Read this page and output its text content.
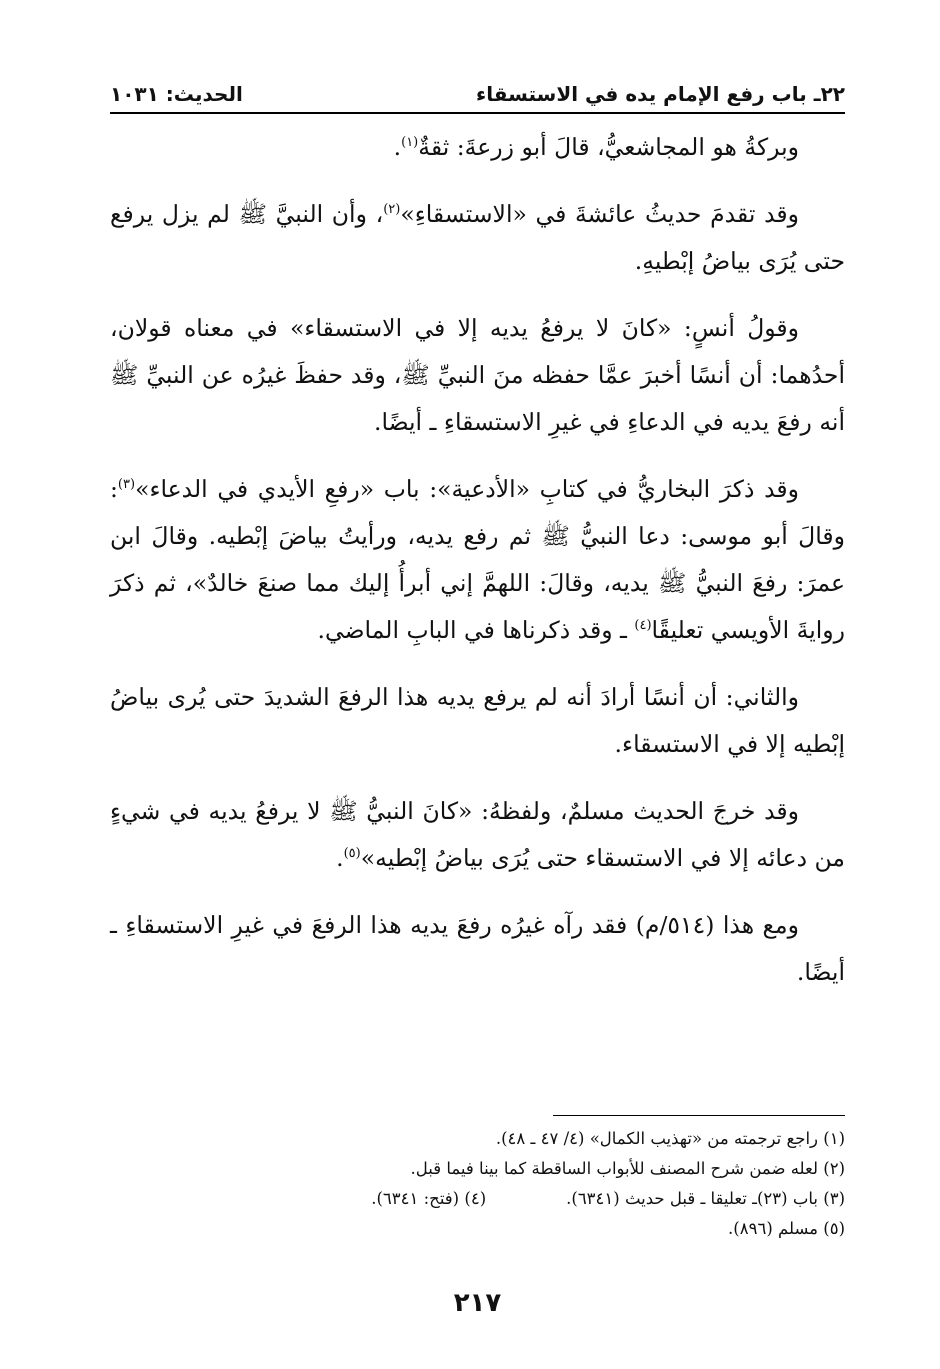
٢٢ـ باب رفع الإمام يده في الاستسقاء
الحديث: ١٠٣١

وبركةُ هو المجاشعيُّ، قالَ أبو زرعةَ: ثقةٌ$^{(١)}$.

وقد تقدمَ حديثُ عائشةَ في «الاستسقاءِ»$^{(٢)}$، وأن النبيَّ ﷺ لم يزل يرفع حتى يُرَى بياضُ إبْطيهِ.

وقولُ أنسٍ: «كانَ لا يرفعُ يديه إلا في الاستسقاء» في معناه قولان، أحدُهما: أن أنسًا أخبرَ عمَّا حفظه منَ النبيِّ ﷺ، وقد حفظَ غيرُه عن النبيِّ ﷺ أنه رفعَ يديه في الدعاءِ في غيرِ الاستسقاءِ ـ أيضًا.

وقد ذكرَ البخاريُّ في كتابِ «الأدعية»: باب «رفعِ الأيدي في الدعاء»$^{(٣)}$: وقالَ أبو موسى: دعا النبيُّ ﷺ ثم رفع يديه، ورأيتُ بياضَ إبْطيه. وقالَ ابن عمرَ: رفعَ النبيُّ ﷺ يديه، وقالَ: اللهمَّ إني أبرأُ إليك مما صنعَ خالدٌ»، ثم ذكرَ روايةَ الأويسي تعليقًا$^{(٤)}$ ـ وقد ذكرناها في البابِ الماضي.

والثاني: أن أنسًا أرادَ أنه لم يرفع يديه هذا الرفعَ الشديدَ حتى يُرى بياضُ إبْطيه إلا في الاستسقاء.

وقد خرجَ الحديث مسلمٌ، ولفظهُ: «كانَ النبيُّ ﷺ لا يرفعُ يديه في شيءٍ من دعائه إلا في الاستسقاء حتى يُرَى بياضُ إبْطيه»$^{(٥)}$.

ومع هذا (٥١٤/م) فقد رآه غيرُه رفعَ يديه هذا الرفعَ في غيرِ الاستسقاءِ ـ أيضًا.

(١) راجع ترجمته من «تهذيب الكمال» (٤/ ٤٧ ـ ٤٨).

(٢) لعله ضمن شرح المصنف للأبواب الساقطة كما بينا فيما قبل.

(٣) باب (٢٣)ـ تعليقا ـ قبل حديث (٦٣٤١).
(٤) (فتح: ٦٣٤١).

(٥) مسلم (٨٩٦).

٢١٧
